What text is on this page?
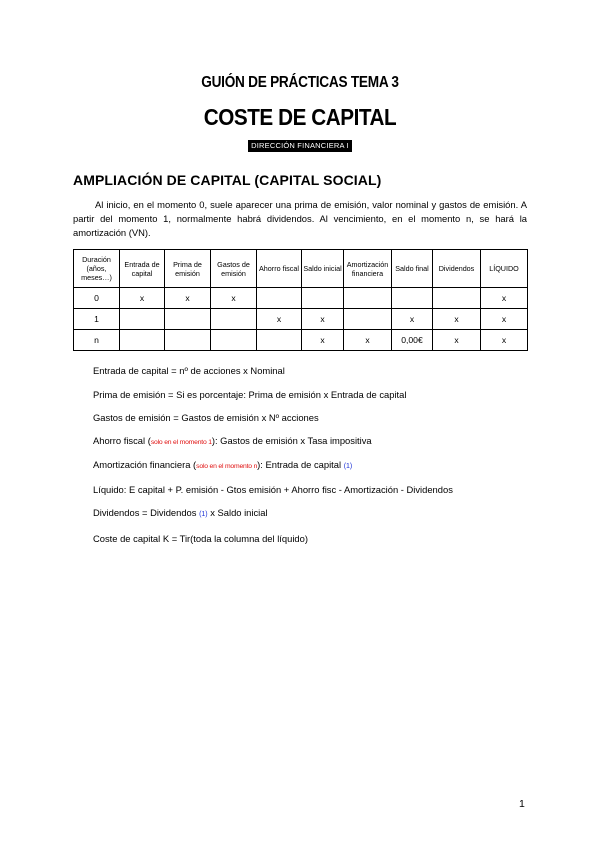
GUIÓN DE PRÁCTICAS TEMA 3
COSTE DE CAPITAL
DIRECCIÓN FINANCIERA I
AMPLIACIÓN DE CAPITAL (CAPITAL SOCIAL)
Al inicio, en el momento 0, suele aparecer una prima de emisión, valor nominal y gastos de emisión. A partir del momento 1, normalmente habrá dividendos. Al vencimiento, en el momento n, se hará la amortización (VN).
Duración (años, meses…)	Entrada de capital	Prima de emisión	Gastos de emisión	Ahorro fiscal	Saldo inicial	Amortización financiera	Saldo final	Dividendos	LÍQUIDO
0	x	x	x						x
1				x	x		x	x	x
n					x	x	0,00€	x	x
Entrada de capital = nº de acciones x Nominal
Prima de emisión = Si es porcentaje: Prima de emisión x Entrada de capital
Gastos de emisión = Gastos de emisión x Nº acciones
Ahorro fiscal (solo en el momento 1): Gastos de emisión x Tasa impositiva
Amortización financiera (solo en el momento n): Entrada de capital (1)
Líquido: E capital + P. emisión - Gtos emisión + Ahorro fisc - Amortización - Dividendos
Dividendos = Dividendos (1) x Saldo inicial
Coste de capital K = Tir(toda la columna del líquido)
1
